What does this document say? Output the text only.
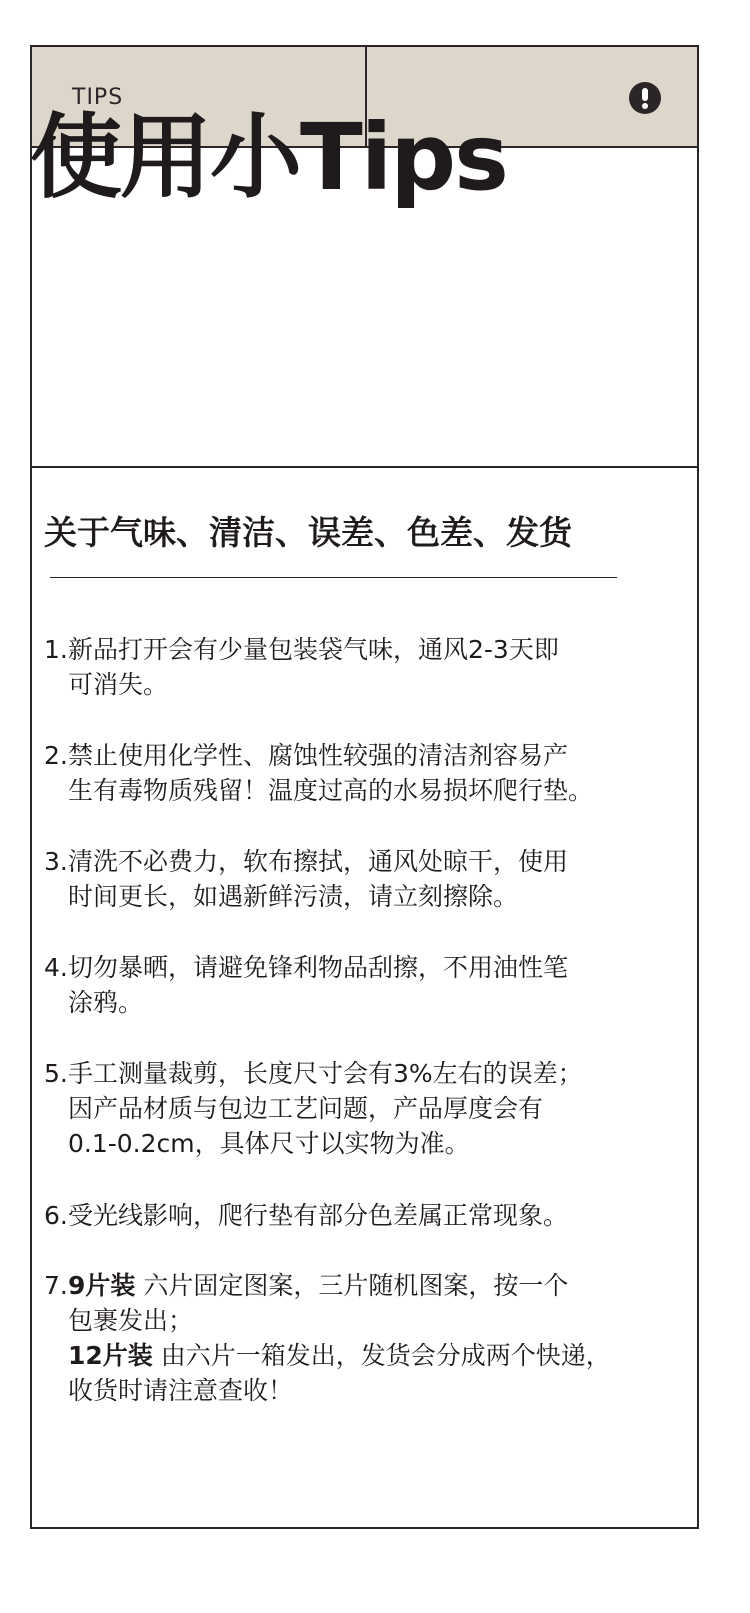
TIPS
使用小Tips
关于气味、清洁、误差、色差、发货
1.新品打开会有少量包装袋气味，通风2-3天即
可消失。
2.禁止使用化学性、腐蚀性较强的清洁剂容易产
生有毒物质残留！温度过高的水易损坏爬行垫。
3.清洗不必费力，软布擦拭，通风处晾干，使用
时间更长，如遇新鲜污渍，请立刻擦除。
4.切勿暴晒，请避免锋利物品刮擦，不用油性笔
涂鸦。
5.手工测量裁剪，长度尺寸会有3%左右的误差；
因产品材质与包边工艺问题，产品厚度会有
0.1-0.2cm，具体尺寸以实物为准。
6.受光线影响，爬行垫有部分色差属正常现象。
7.9片装 六片固定图案，三片随机图案，按一个
包裹发出；
12片装 由六片一箱发出，发货会分成两个快递，
收货时请注意查收！
